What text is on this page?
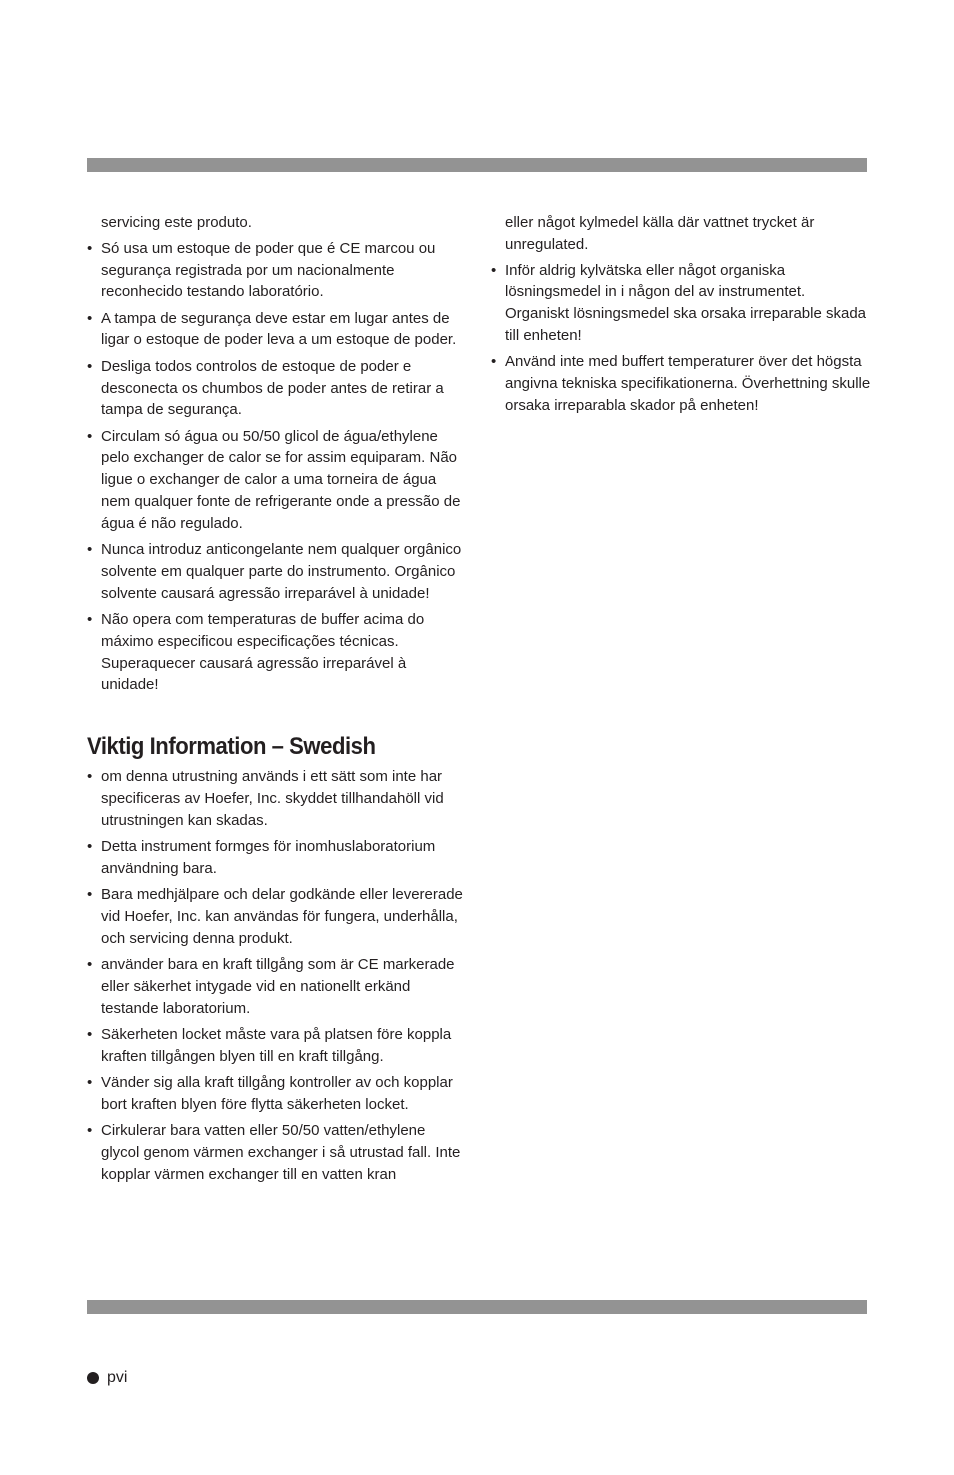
servicing este produto.
• Só usa um estoque de poder que é CE marcou ou segurança registrada por um nacionalmente reconhecido testando laboratório.
• A tampa de segurança deve estar em lugar antes de ligar o estoque de poder leva a um estoque de poder.
• Desliga todos controlos de estoque de poder e desconecta os chumbos de poder antes de retirar a tampa de segurança.
• Circulam só água ou 50/50 glicol de água/ethylene pelo exchanger de calor se for assim equiparam. Não ligue o exchanger de calor a uma torneira de água nem qualquer fonte de refrigerante onde a pressão de água é não regulado.
• Nunca introduz anticongelante nem qualquer orgânico solvente em qualquer parte do instrumento. Orgânico solvente causará agressão irreparável à unidade!
• Não opera com temperaturas de buffer acima do máximo especificou especificações técnicas. Superaquecer causará agressão irreparável à unidade!
Viktig Information – Swedish
• om denna utrustning används i ett sätt som inte har specificeras av Hoefer, Inc. skyddet tillhandahöll vid utrustningen kan skadas.
• Detta instrument formges för inomhuslaboratorium användning bara.
• Bara medhjälpare och delar godkände eller levererade vid Hoefer, Inc. kan användas för fungera, underhålla, och servicing denna produkt.
• använder bara en kraft tillgång som är CE markerade eller säkerhet intygade vid en nationellt erkänd testande laboratorium.
• Säkerheten locket måste vara på platsen före koppla kraften tillgången blyen till en kraft tillgång.
• Vänder sig alla kraft tillgång kontroller av och kopplar bort kraften blyen före flytta säkerheten locket.
• Cirkulerar bara vatten eller 50/50 vatten/ethylene glycol genom värmen exchanger i så utrustad fall. Inte kopplar värmen exchanger till en vatten kran
eller något kylmedel källa där vattnet trycket är unregulated.
• Inför aldrig kylvätska eller något organiska lösningsmedel in i någon del av instrumentet. Organiskt lösningsmedel ska orsaka irreparable skada till enheten!
• Använd inte med buffert temperaturer över det högsta angivna tekniska specifikationerna. Överhettning skulle orsaka irreparabla skador på enheten!
pvi
